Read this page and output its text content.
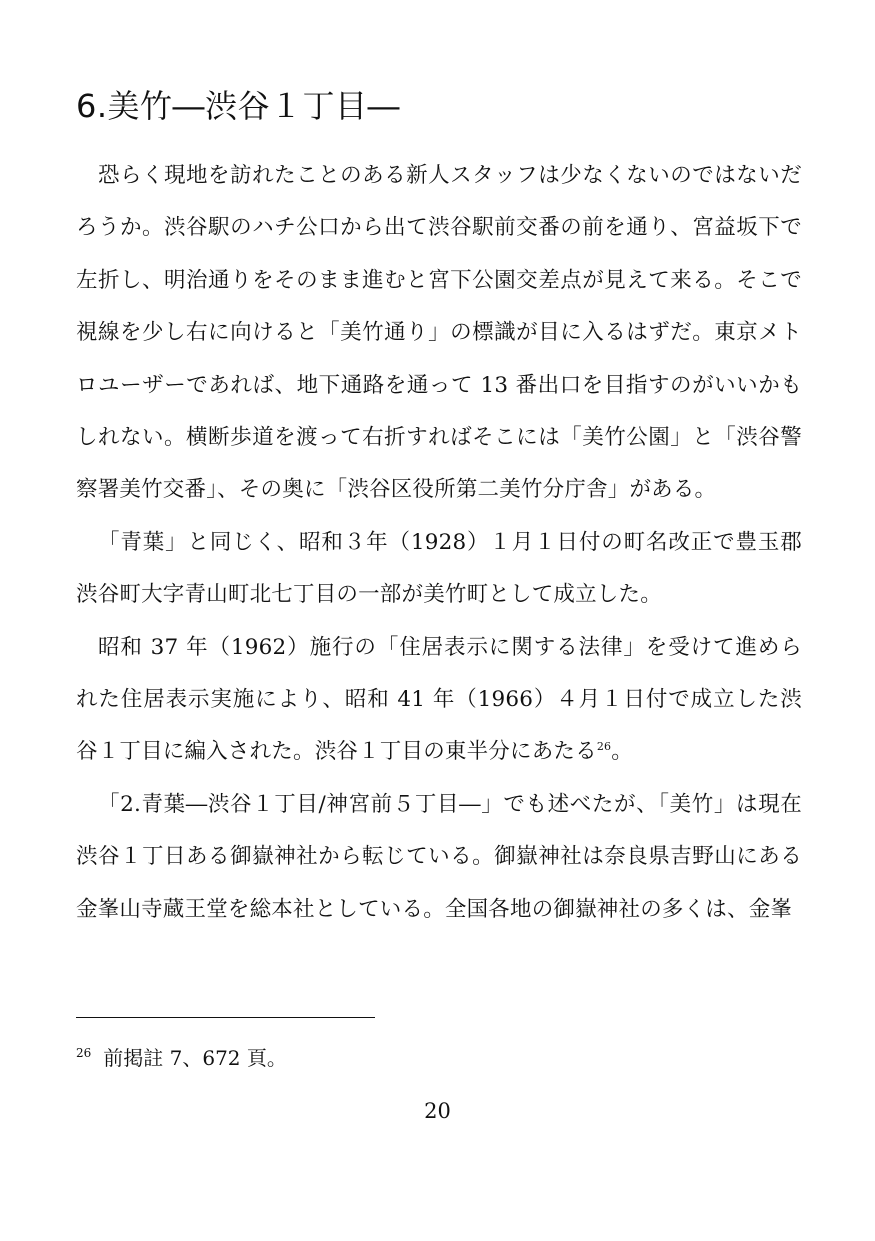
6.美竹―渋谷１丁目―

恐らく現地を訪れたことのある新人スタッフは少なくないのではないだろうか。渋谷駅のハチ公口から出て渋谷駅前交番の前を通り、宮益坂下で左折し、明治通りをそのまま進むと宮下公園交差点が見えて来る。そこで視線を少し右に向けると「美竹通り」の標識が目に入るはずだ。東京メトロユーザーであれば、地下通路を通って 13 番出口を目指すのがいいかもしれない。横断歩道を渡って右折すればそこには「美竹公園」と「渋谷警察署美竹交番」、その奥に「渋谷区役所第二美竹分庁舎」がある。

「青葉」と同じく、昭和３年（1928）１月１日付の町名改正で豊玉郡渋谷町大字青山町北七丁目の一部が美竹町として成立した。

昭和 37 年（1962）施行の「住居表示に関する法律」を受けて進められた住居表示実施により、昭和 41 年（1966）４月１日付で成立した渋谷１丁目に編入された。渋谷１丁目の東半分にあたる$^{26}$。

「2.青葉―渋谷１丁目/神宮前５丁目―」でも述べたが、「美竹」は現在渋谷１丁日ある御嶽神社から転じている。御嶽神社は奈良県吉野山にある金峯山寺蔵王堂を総本社としている。全国各地の御嶽神社の多くは、金峯

$^{26}$ 前掲註 7、672 頁。
20
